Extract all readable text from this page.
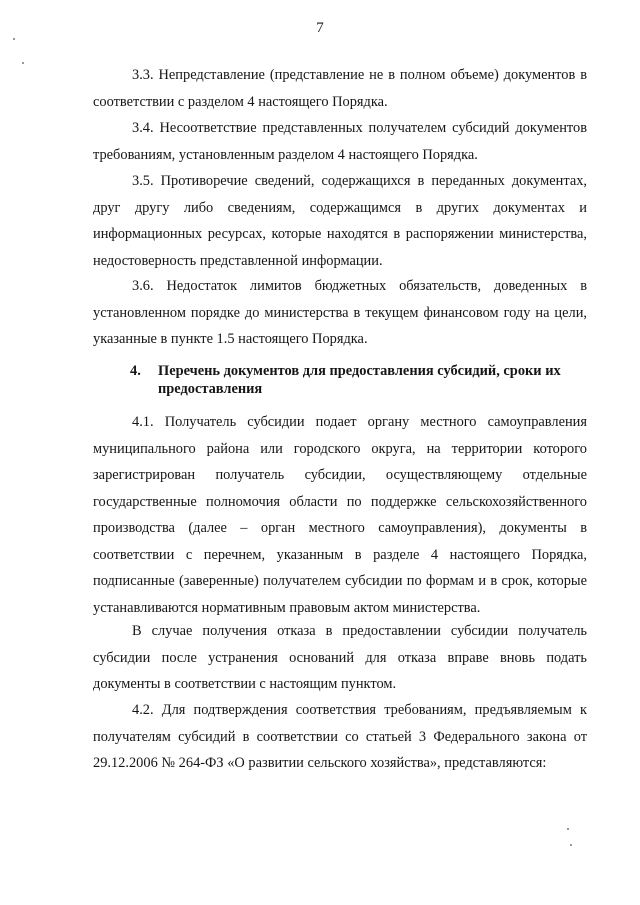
7

3.3. Непредставление (представление не в полном объеме) документов в соответствии с разделом 4 настоящего Порядка.

3.4. Несоответствие представленных получателем субсидий документов требованиям, установленным разделом 4 настоящего Порядка.

3.5. Противоречие сведений, содержащихся в переданных документах, друг другу либо сведениям, содержащимся в других документах и информационных ресурсах, которые находятся в распоряжении министерства, недостоверность представленной информации.

3.6. Недостаток лимитов бюджетных обязательств, доведенных в установленном порядке до министерства в текущем финансовом году на цели, указанные в пункте 1.5 настоящего Порядка.

4. Перечень документов для предоставления субсидий, сроки их предоставления

4.1. Получатель субсидии подает органу местного самоуправления муниципального района или городского округа, на территории которого зарегистрирован получатель субсидии, осуществляющему отдельные государственные полномочия области по поддержке сельскохозяйственного производства (далее – орган местного самоуправления), документы в соответствии с перечнем, указанным в разделе 4 настоящего Порядка, подписанные (заверенные) получателем субсидии по формам и в срок, которые устанавливаются нормативным правовым актом министерства.

В случае получения отказа в предоставлении субсидии получатель субсидии после устранения оснований для отказа вправе вновь подать документы в соответствии с настоящим пунктом.

4.2. Для подтверждения соответствия требованиям, предъявляемым к получателям субсидий в соответствии со статьей 3 Федерального закона от 29.12.2006 № 264-ФЗ «О развитии сельского хозяйства», представляются:
